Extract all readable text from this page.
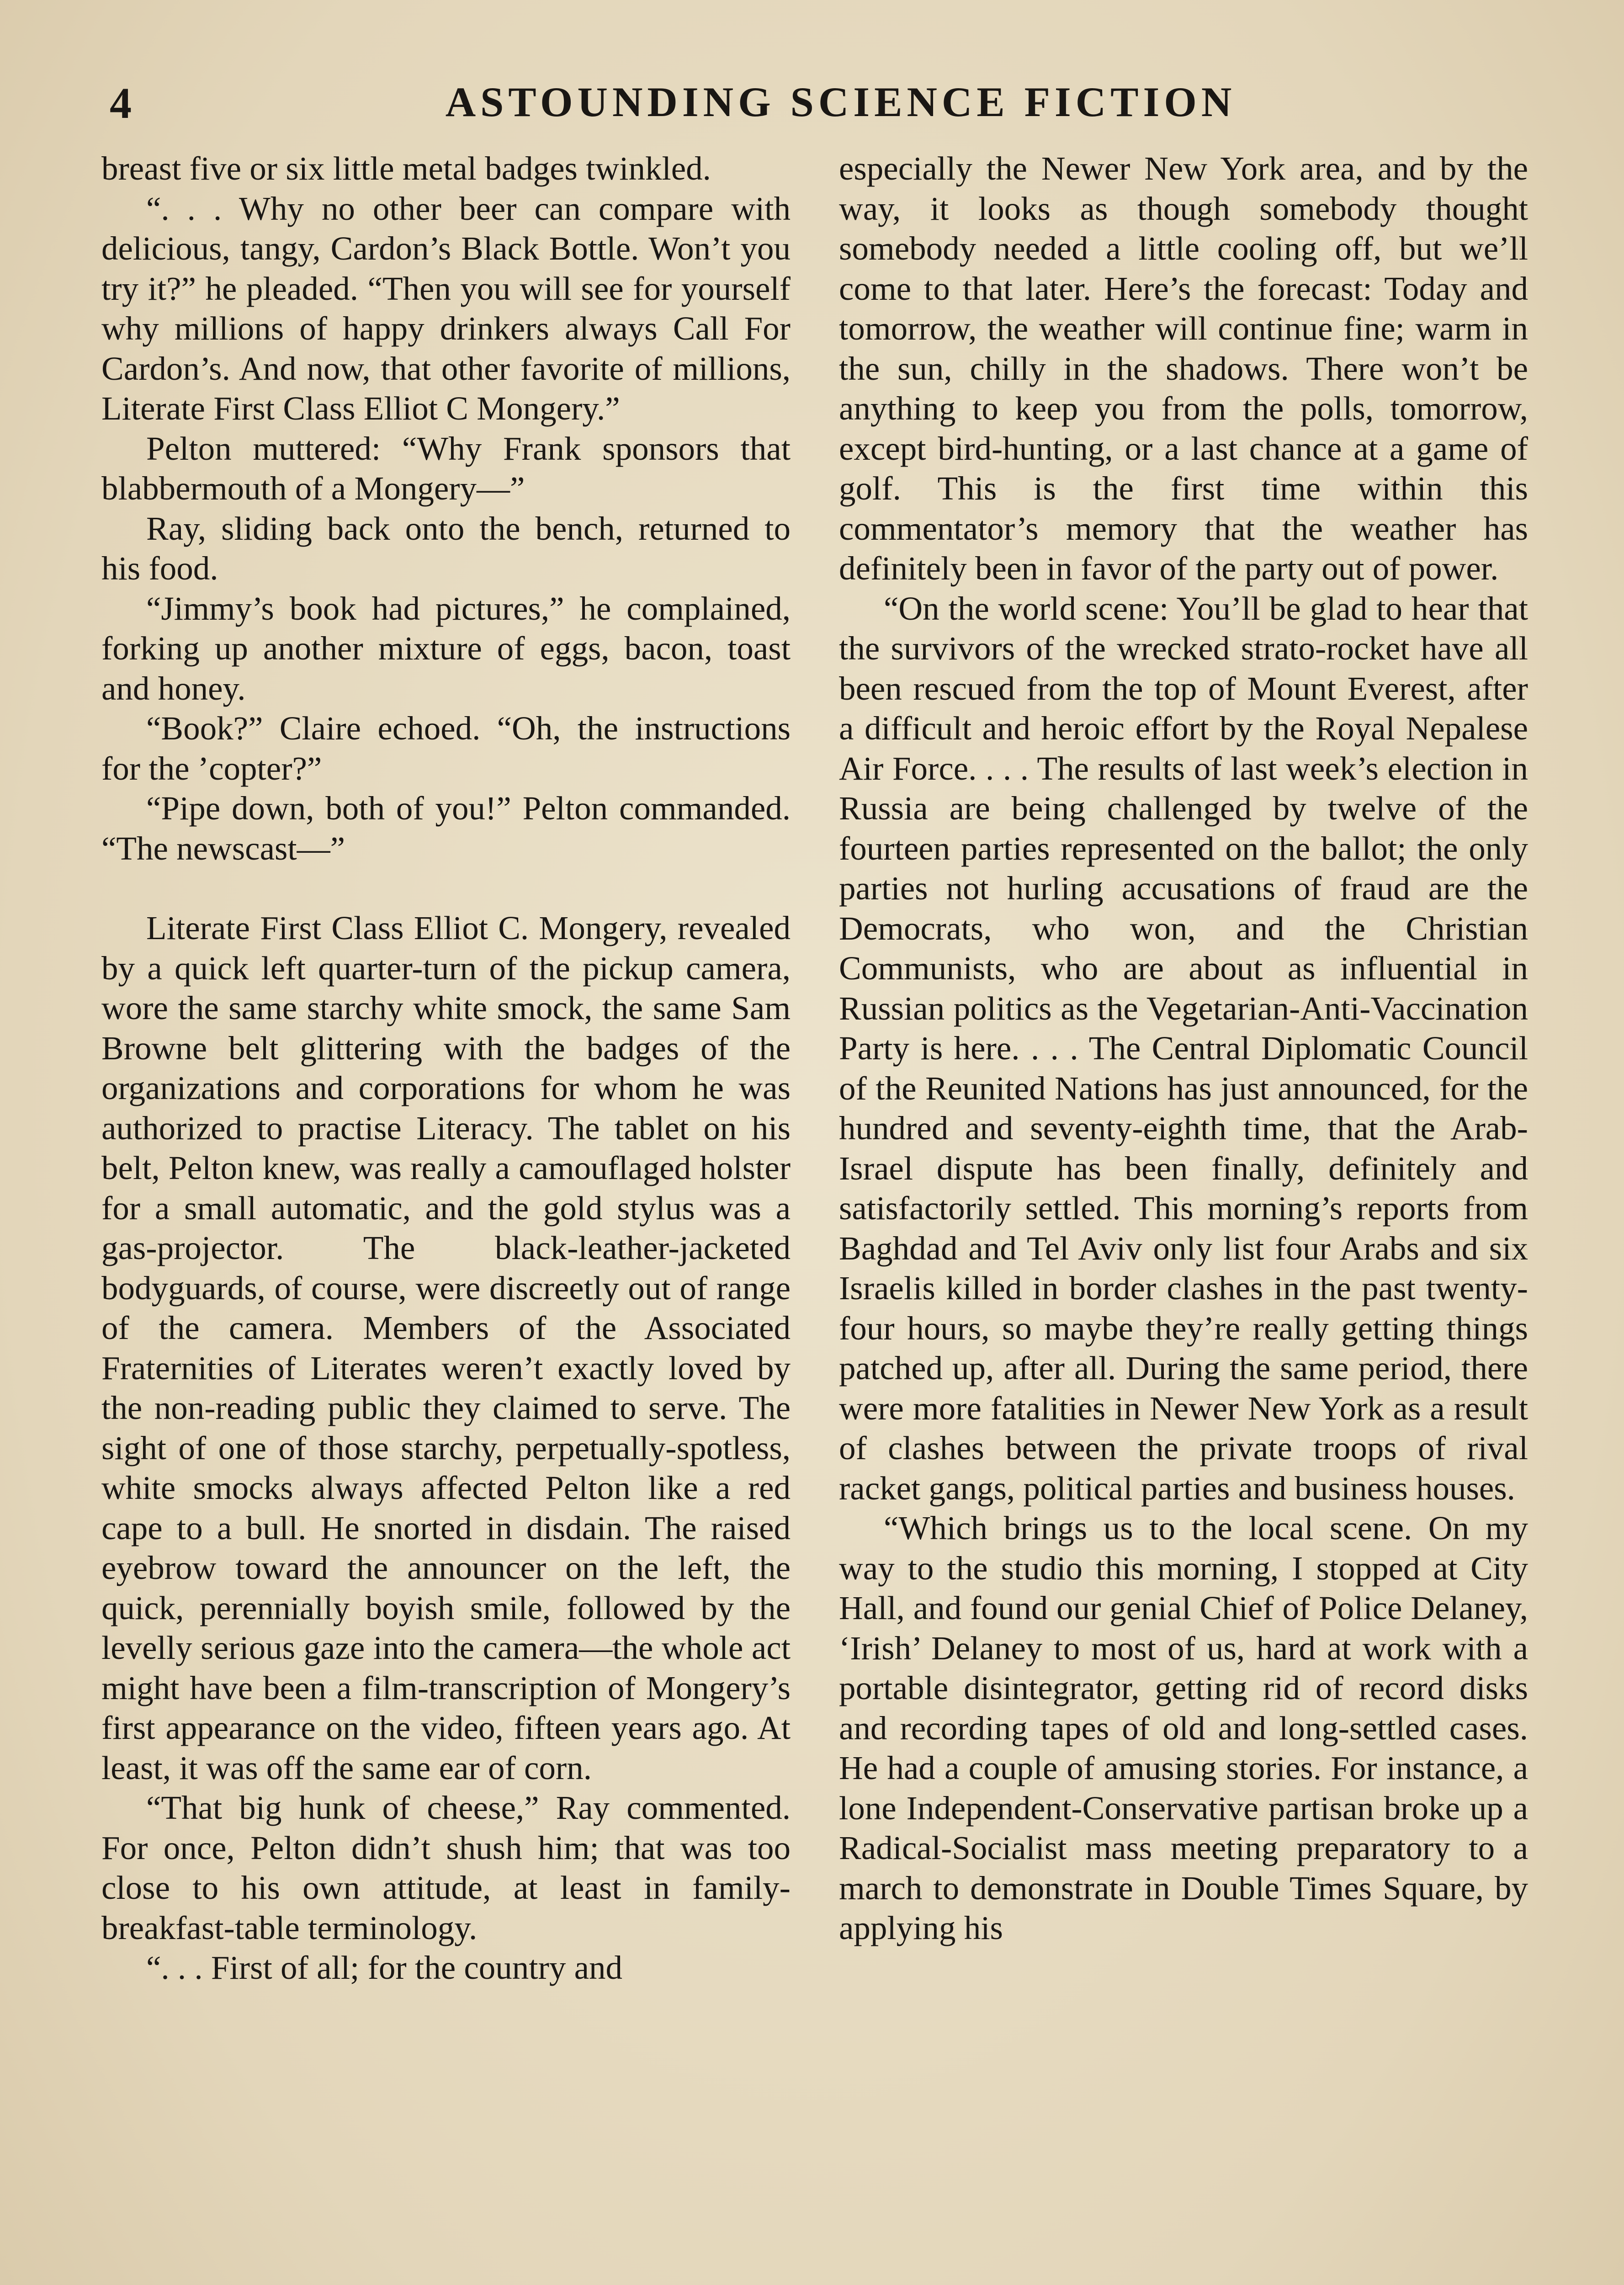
4	ASTOUNDING SCIENCE FICTION

breast five or six little metal badges twinkled.

“. . . Why no other beer can compare with delicious, tangy, Cardon’s Black Bottle. Won’t you try it?” he pleaded. “Then you will see for yourself why millions of happy drinkers always Call For Cardon’s. And now, that other favorite of millions, Literate First Class Elliot C Mongery.”

Pelton muttered: “Why Frank sponsors that blabbermouth of a Mongery—”

Ray, sliding back onto the bench, returned to his food.

“Jimmy’s book had pictures,” he complained, forking up another mixture of eggs, bacon, toast and honey.

“Book?” Claire echoed. “Oh, the instructions for the ’copter?”

“Pipe down, both of you!” Pelton commanded. “The newscast—”

Literate First Class Elliot C. Mongery, revealed by a quick left quarter-turn of the pickup camera, wore the same starchy white smock, the same Sam Browne belt glittering with the badges of the organizations and corporations for whom he was authorized to practise Literacy. The tablet on his belt, Pelton knew, was really a camouflaged holster for a small automatic, and the gold stylus was a gas-projector. The black-leather-jacketed bodyguards, of course, were discreetly out of range of the camera. Members of the Associated Fraternities of Literates weren’t exactly loved by the non-reading public they claimed to serve. The sight of one of those starchy, perpetually-spotless, white smocks always affected Pelton like a red cape to a bull. He snorted in disdain. The raised eyebrow toward the announcer on the left, the quick, perennially boyish smile, followed by the levelly serious gaze into the camera—the whole act might have been a film-transcription of Mongery’s first appearance on the video, fifteen years ago. At least, it was off the same ear of corn.

“That big hunk of cheese,” Ray commented. For once, Pelton didn’t shush him; that was too close to his own attitude, at least in family-breakfast-table terminology.

“. . . First of all; for the country and

especially the Newer New York area, and by the way, it looks as though somebody thought somebody needed a little cooling off, but we’ll come to that later. Here’s the forecast: Today and tomorrow, the weather will continue fine; warm in the sun, chilly in the shadows. There won’t be anything to keep you from the polls, tomorrow, except bird-hunting, or a last chance at a game of golf. This is the first time within this commentator’s memory that the weather has definitely been in favor of the party out of power.

“On the world scene: You’ll be glad to hear that the survivors of the wrecked strato-rocket have all been rescued from the top of Mount Everest, after a difficult and heroic effort by the Royal Nepalese Air Force. . . . The results of last week’s election in Russia are being challenged by twelve of the fourteen parties represented on the ballot; the only parties not hurling accusations of fraud are the Democrats, who won, and the Christian Communists, who are about as influential in Russian politics as the Vegetarian-Anti-Vaccination Party is here. . . . The Central Diplomatic Council of the Reunited Nations has just announced, for the hundred and seventy-eighth time, that the Arab-Israel dispute has been finally, definitely and satisfactorily settled. This morning’s reports from Baghdad and Tel Aviv only list four Arabs and six Israelis killed in border clashes in the past twenty-four hours, so maybe they’re really getting things patched up, after all. During the same period, there were more fatalities in Newer New York as a result of clashes between the private troops of rival racket gangs, political parties and business houses.

“Which brings us to the local scene. On my way to the studio this morning, I stopped at City Hall, and found our genial Chief of Police Delaney, ‘Irish’ Delaney to most of us, hard at work with a portable disintegrator, getting rid of record disks and recording tapes of old and long-settled cases. He had a couple of amusing stories. For instance, a lone Independent-Conservative partisan broke up a Radical-Socialist mass meeting preparatory to a march to demonstrate in Double Times Square, by applying his
